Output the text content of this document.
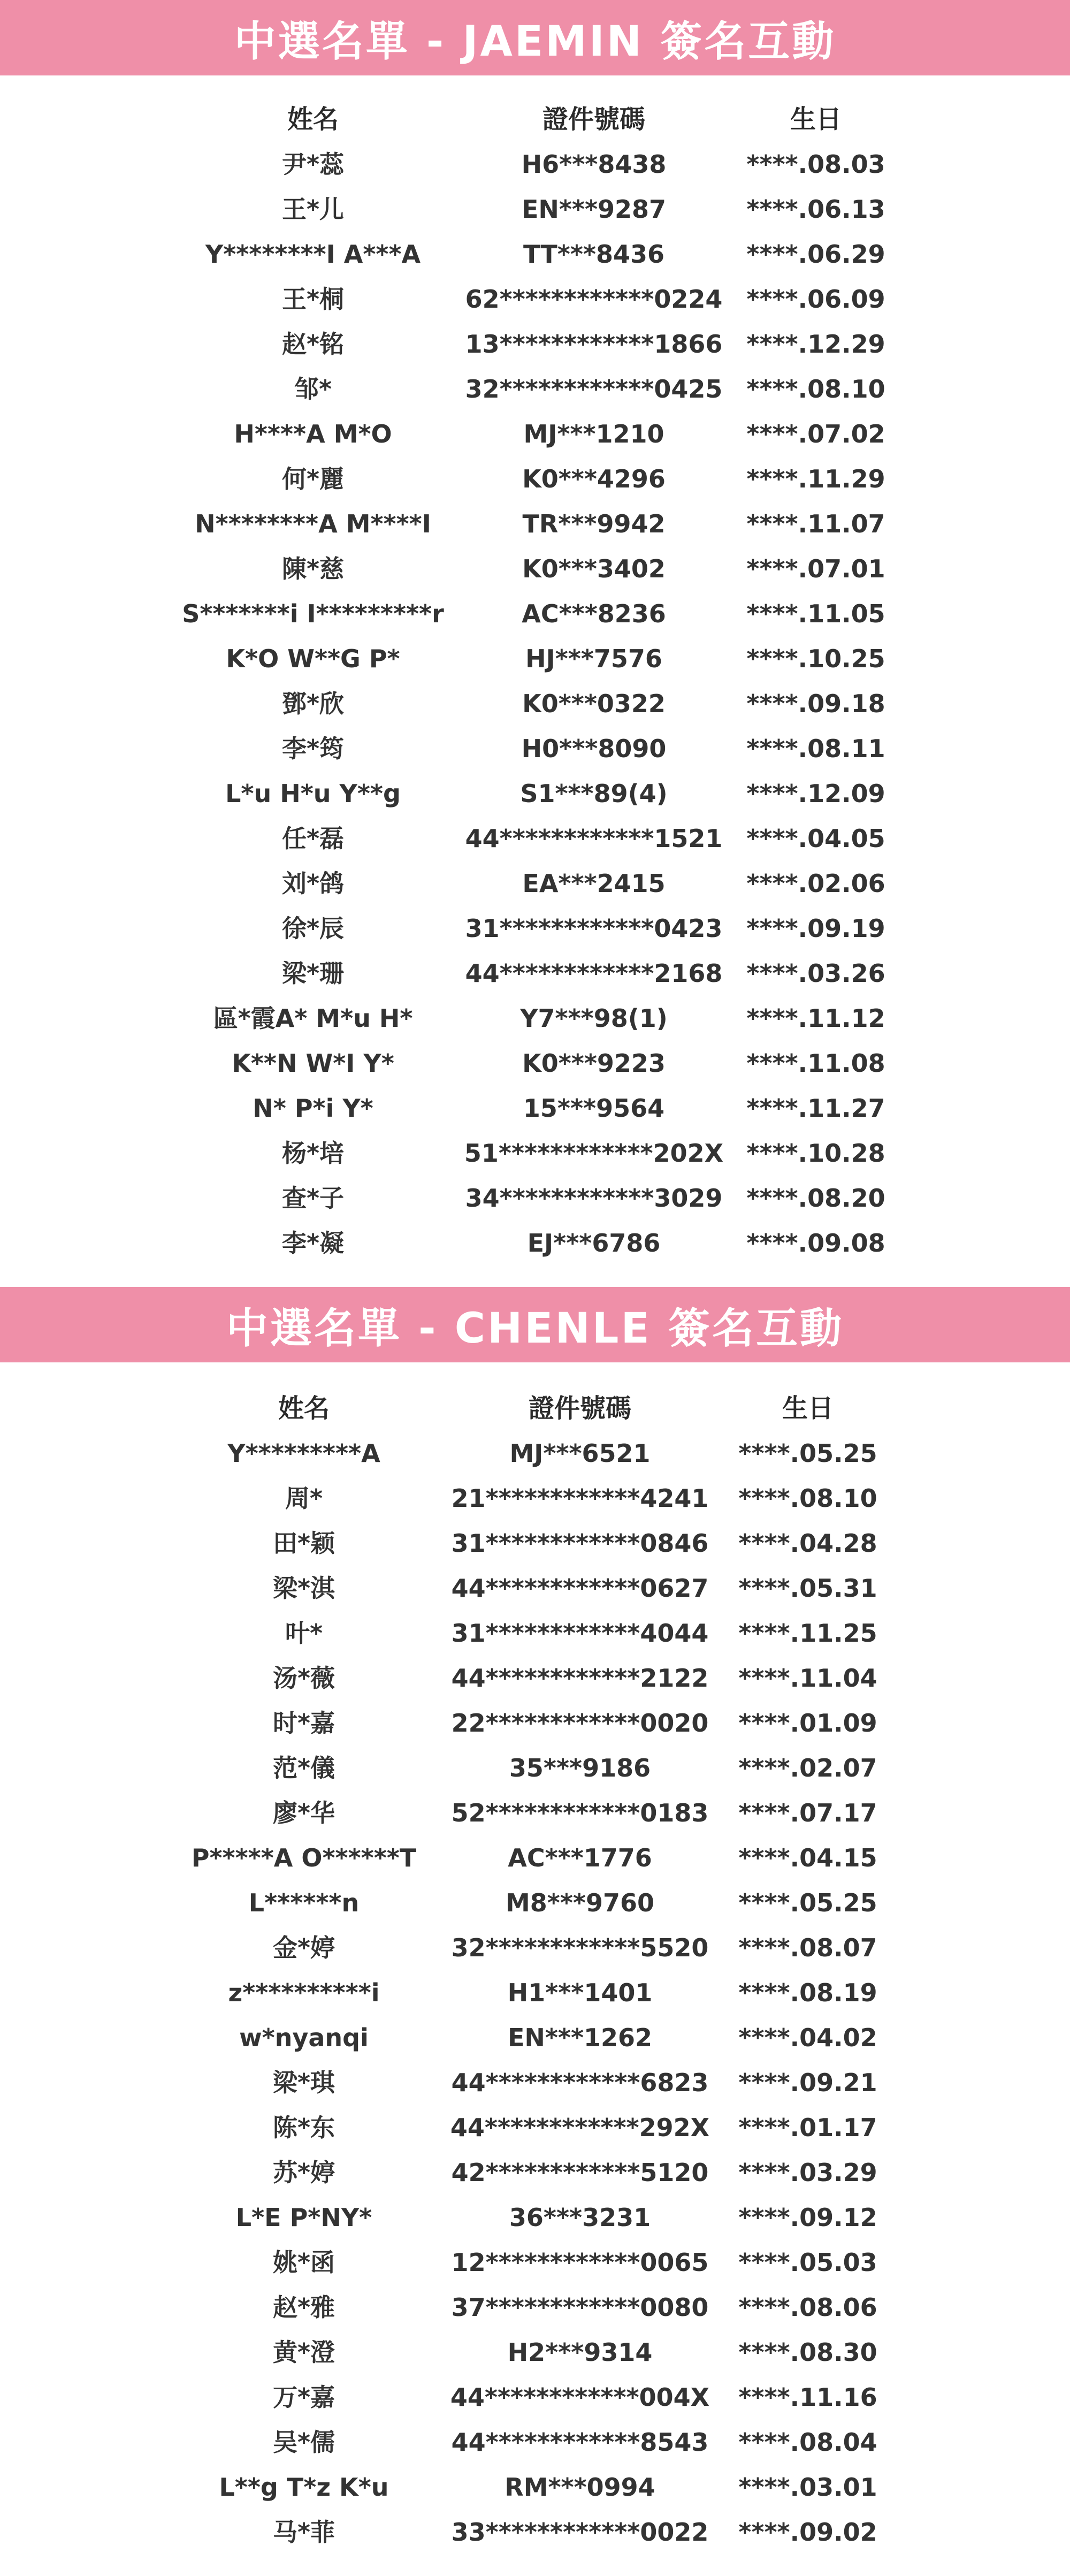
中選名單 - JAEMIN 簽名互動
姓名	證件號碼	生日
尹*蕊	H6***8438	****.08.03
王*儿	EN***9287	****.06.13
Y********I A***A	TT***8436	****.06.29
王*桐	62************0224 ****.06.09
赵*铭	13************1866 ****.12.29
邹*	32************0425 ****.08.10
H****A M*O	MJ***1210	****.07.02
何*麗	K0***4296	****.11.29
N********A M****I	TR***9942	****.11.07
陳*慈	K0***3402	****.07.01
S*******i I*********r	AC***8236	****.11.05
K*O W**G P*	HJ***7576	****.10.25
鄧*欣	K0***0322	****.09.18
李*筠	H0***8090	****.08.11
L*u H*u Y**g	S1***89(4)	****.12.09
任*磊	44************1521 ****.04.05
刘*鸽	EA***2415	****.02.06
徐*辰	31************0423 ****.09.19
梁*珊	44************2168 ****.03.26
區*霞A* M*u H*	Y7***98(1)	****.11.12
K**N W*I Y*	K0***9223	****.11.08
N* P*i Y*	15***9564	****.11.27
杨*培	51************202X ****.10.28
查*子	34************3029 ****.08.20
李*凝	EJ***6786	****.09.08
中選名單 - CHENLE 簽名互動
姓名	證件號碼	生日
Y*********A	MJ***6521	****.05.25
周*	21************4241	****.08.10
田*颖	31************0846	****.04.28
梁*淇	44************0627	****.05.31
叶*	31************4044	****.11.25
汤*薇	44************2122	****.11.04
时*嘉	22************0020	****.01.09
范*儀	35***9186	****.02.07
廖*华	52************0183	****.07.17
P*****A O******T	AC***1776	****.04.15
L******n	M8***9760	****.05.25
金*婷	32************5520	****.08.07
z**********i	H1***1401	****.08.19
w*nyanqi	EN***1262	****.04.02
梁*琪	44************6823	****.09.21
陈*东	44************292X	****.01.17
苏*婷	42************5120	****.03.29
L*E P*NY*	36***3231	****.09.12
姚*函	12************0065	****.05.03
赵*雅	37************0080	****.08.06
黄*澄	H2***9314	****.08.30
万*嘉	44************004X	****.11.16
吴*儒	44************8543	****.08.04
L**g T*z K*u	RM***0994	****.03.01
马*菲	33************0022	****.09.02
